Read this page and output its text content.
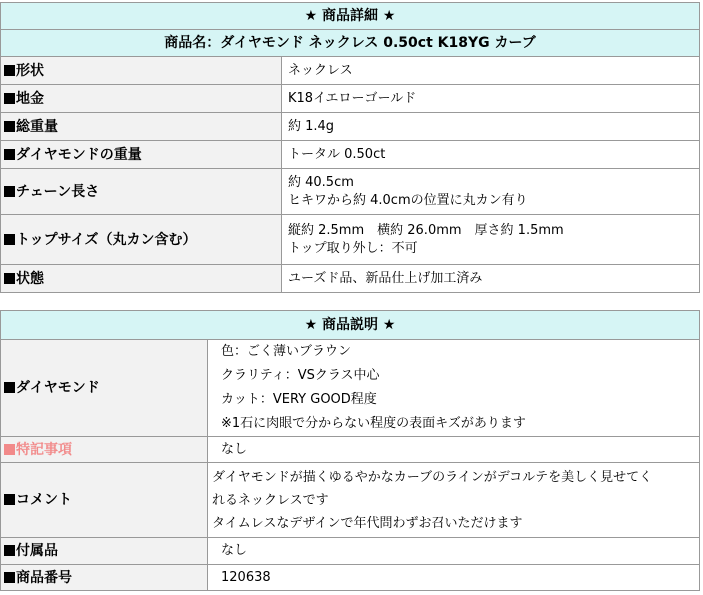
★ 商品詳細 ★	
商品名：ダイヤモンド ネックレス 0.50ct K18YG カーブ	
形状	ネックレス

地金	K18イエローゴールド

総重量	約 1.4g

ダイヤモンドの重量	トータル 0.50ct

チェーン長さ	約 40.5cm
ヒキワから約 4.0cmの位置に丸カン有り

トップサイズ（丸カン含む）	縦約 2.5mm　横約 26.0mm　厚さ約 1.5mm
トップ取り外し：不可

状態	ユーズド品、新品仕上げ加工済み
★ 商品説明 ★	
ダイヤモンド	色：ごく薄いブラウン
クラリティ：VSクラス中心
カット：VERY GOOD程度
※1石に肉眼で分からない程度の表面キズがあります

特記事項	なし

コメント	ダイヤモンドが描くゆるやかなカーブのラインがデコルテを美しく見せてく
れるネックレスです
タイムレスなデザインで年代問わずお召いただけます

付属品	なし

商品番号	120638
